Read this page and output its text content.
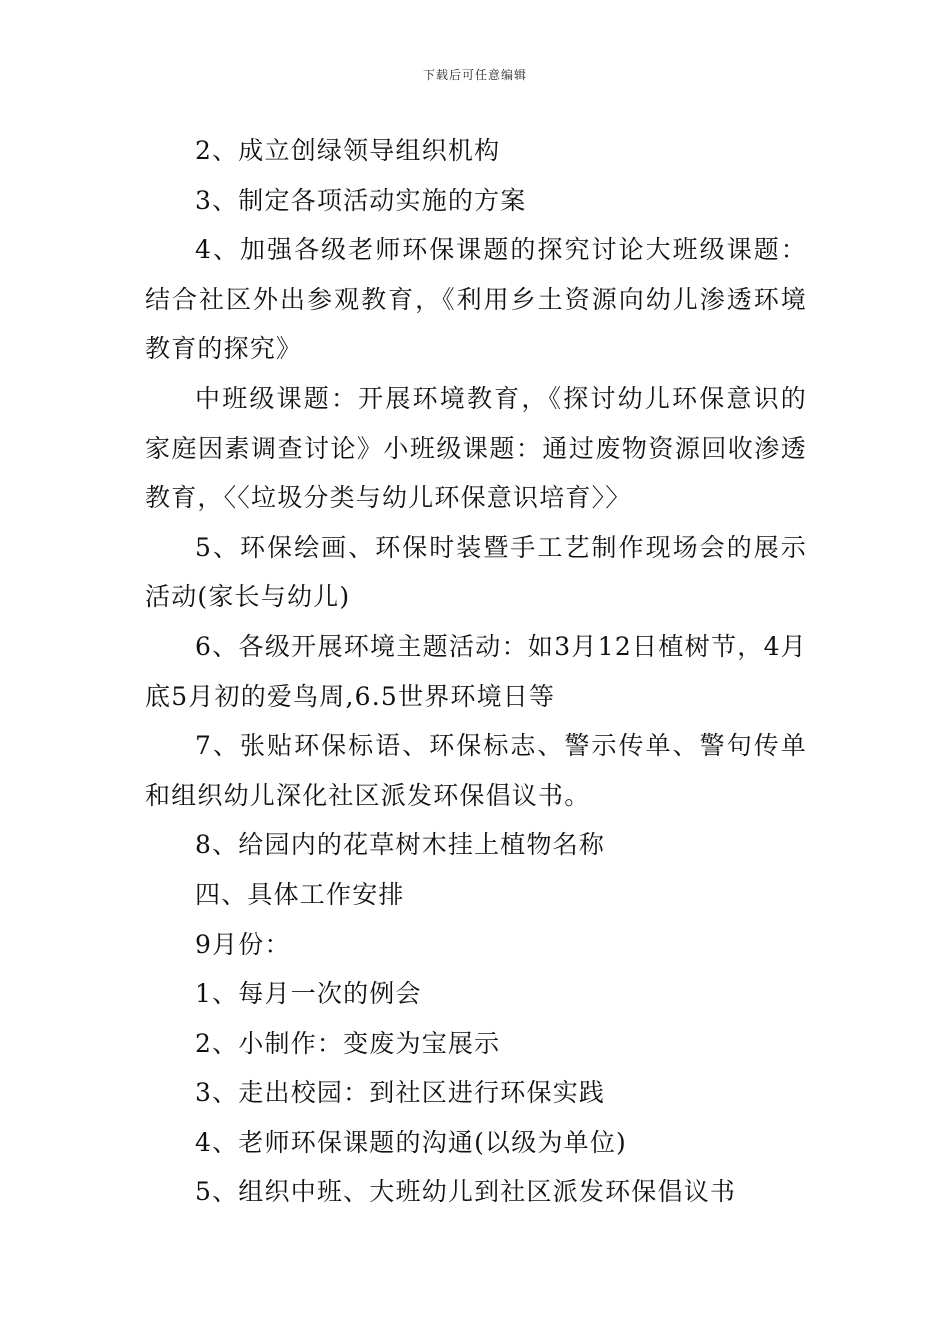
下载后可任意编辑

2、成立创绿领导组织机构

3、制定各项活动实施的方案

4、加强各级老师环保课题的探究讨论大班级课题：结合社区外出参观教育，《利用乡土资源向幼儿渗透环境教育的探究》

中班级课题：开展环境教育，《探讨幼儿环保意识的家庭因素调查讨论》小班级课题：通过废物资源回收渗透教育，〈〈垃圾分类与幼儿环保意识培育〉〉

5、环保绘画、环保时装暨手工艺制作现场会的展示活动(家长与幼儿)

6、各级开展环境主题活动：如3月12日植树节，4月底5月初的爱鸟周,6.5世界环境日等

7、张贴环保标语、环保标志、警示传单、警句传单和组织幼儿深化社区派发环保倡议书。

8、给园内的花草树木挂上植物名称

四、具体工作安排

9月份：

1、每月一次的例会

2、小制作：变废为宝展示

3、走出校园：到社区进行环保实践

4、老师环保课题的沟通(以级为单位)

5、组织中班、大班幼儿到社区派发环保倡议书
